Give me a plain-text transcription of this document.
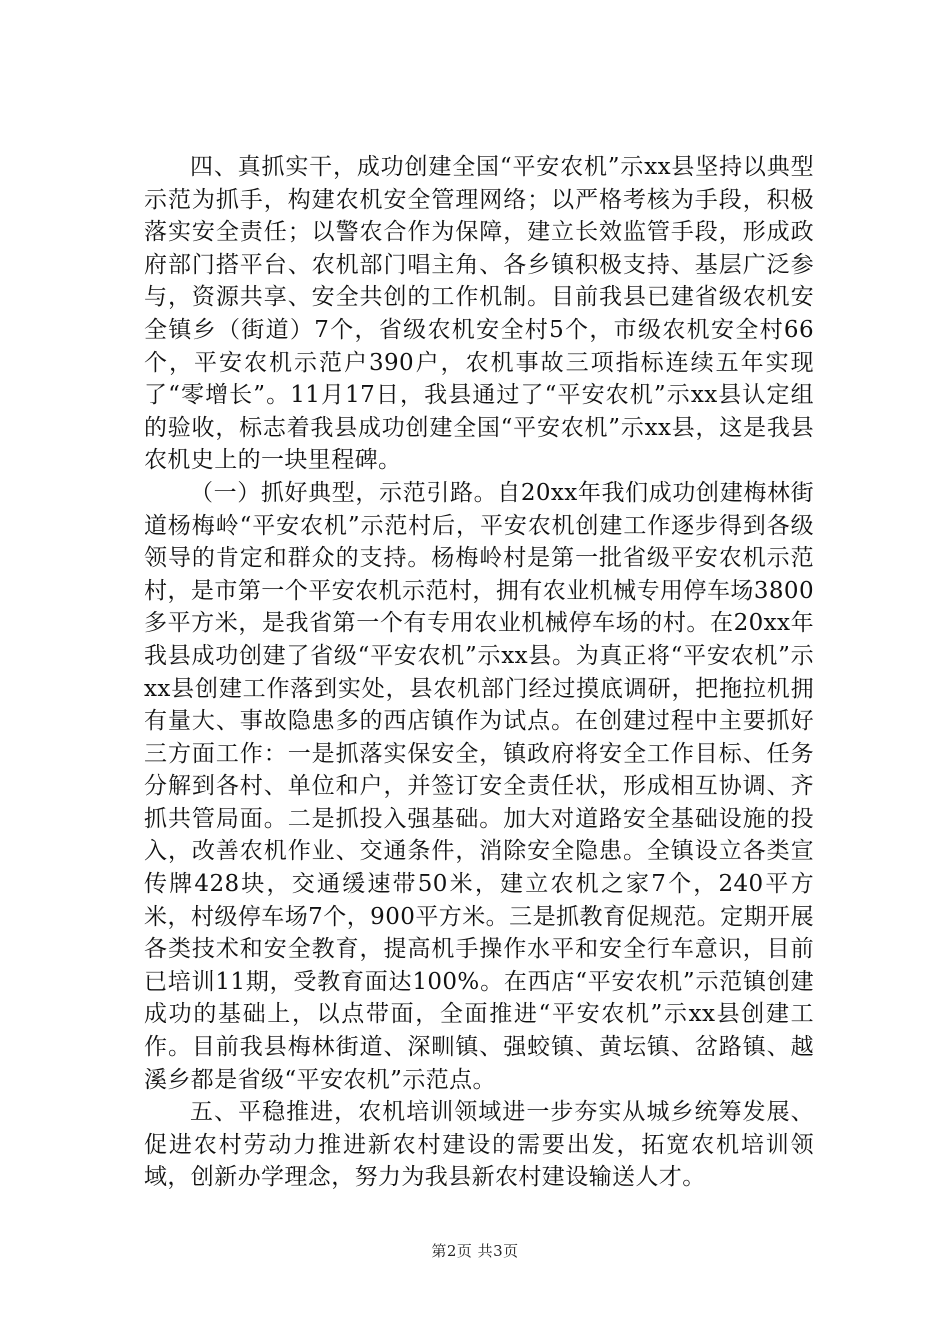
四、真抓实干，成功创建全国“平安农机”示xx县坚持以典型示范为抓手，构建农机安全管理网络；以严格考核为手段，积极落实安全责任；以警农合作为保障，建立长效监管手段，形成政府部门搭平台、农机部门唱主角、各乡镇积极支持、基层广泛参与，资源共享、安全共创的工作机制。目前我县已建省级农机安全镇乡（街道）7个，省级农机安全村5个，市级农机安全村66个，平安农机示范户390户，农机事故三项指标连续五年实现了“零增长”。11月17日，我县通过了“平安农机”示xx县认定组的验收，标志着我县成功创建全国“平安农机”示xx县，这是我县农机史上的一块里程碑。

（一）抓好典型，示范引路。自20xx年我们成功创建梅林街道杨梅岭“平安农机”示范村后，平安农机创建工作逐步得到各级领导的肯定和群众的支持。杨梅岭村是第一批省级平安农机示范村，是市第一个平安农机示范村，拥有农业机械专用停车场3800多平方米，是我省第一个有专用农业机械停车场的村。在20xx年我县成功创建了省级“平安农机”示xx县。为真正将“平安农机”示xx县创建工作落到实处，县农机部门经过摸底调研，把拖拉机拥有量大、事故隐患多的西店镇作为试点。在创建过程中主要抓好三方面工作：一是抓落实保安全，镇政府将安全工作目标、任务分解到各村、单位和户，并签订安全责任状，形成相互协调、齐抓共管局面。二是抓投入强基础。加大对道路安全基础设施的投入，改善农机作业、交通条件，消除安全隐患。全镇设立各类宣传牌428块，交通缓速带50米，建立农机之家7个，240平方米，村级停车场7个，900平方米。三是抓教育促规范。定期开展各类技术和安全教育，提高机手操作水平和安全行车意识，目前已培训11期，受教育面达100%。在西店“平安农机”示范镇创建成功的基础上，以点带面，全面推进“平安农机”示xx县创建工作。目前我县梅林街道、深甽镇、强蛟镇、黄坛镇、岔路镇、越溪乡都是省级“平安农机”示范点。

五、平稳推进，农机培训领域进一步夯实从城乡统筹发展、促进农村劳动力推进新农村建设的需要出发，拓宽农机培训领域，创新办学理念，努力为我县新农村建设输送人才。

第2页 共3页
